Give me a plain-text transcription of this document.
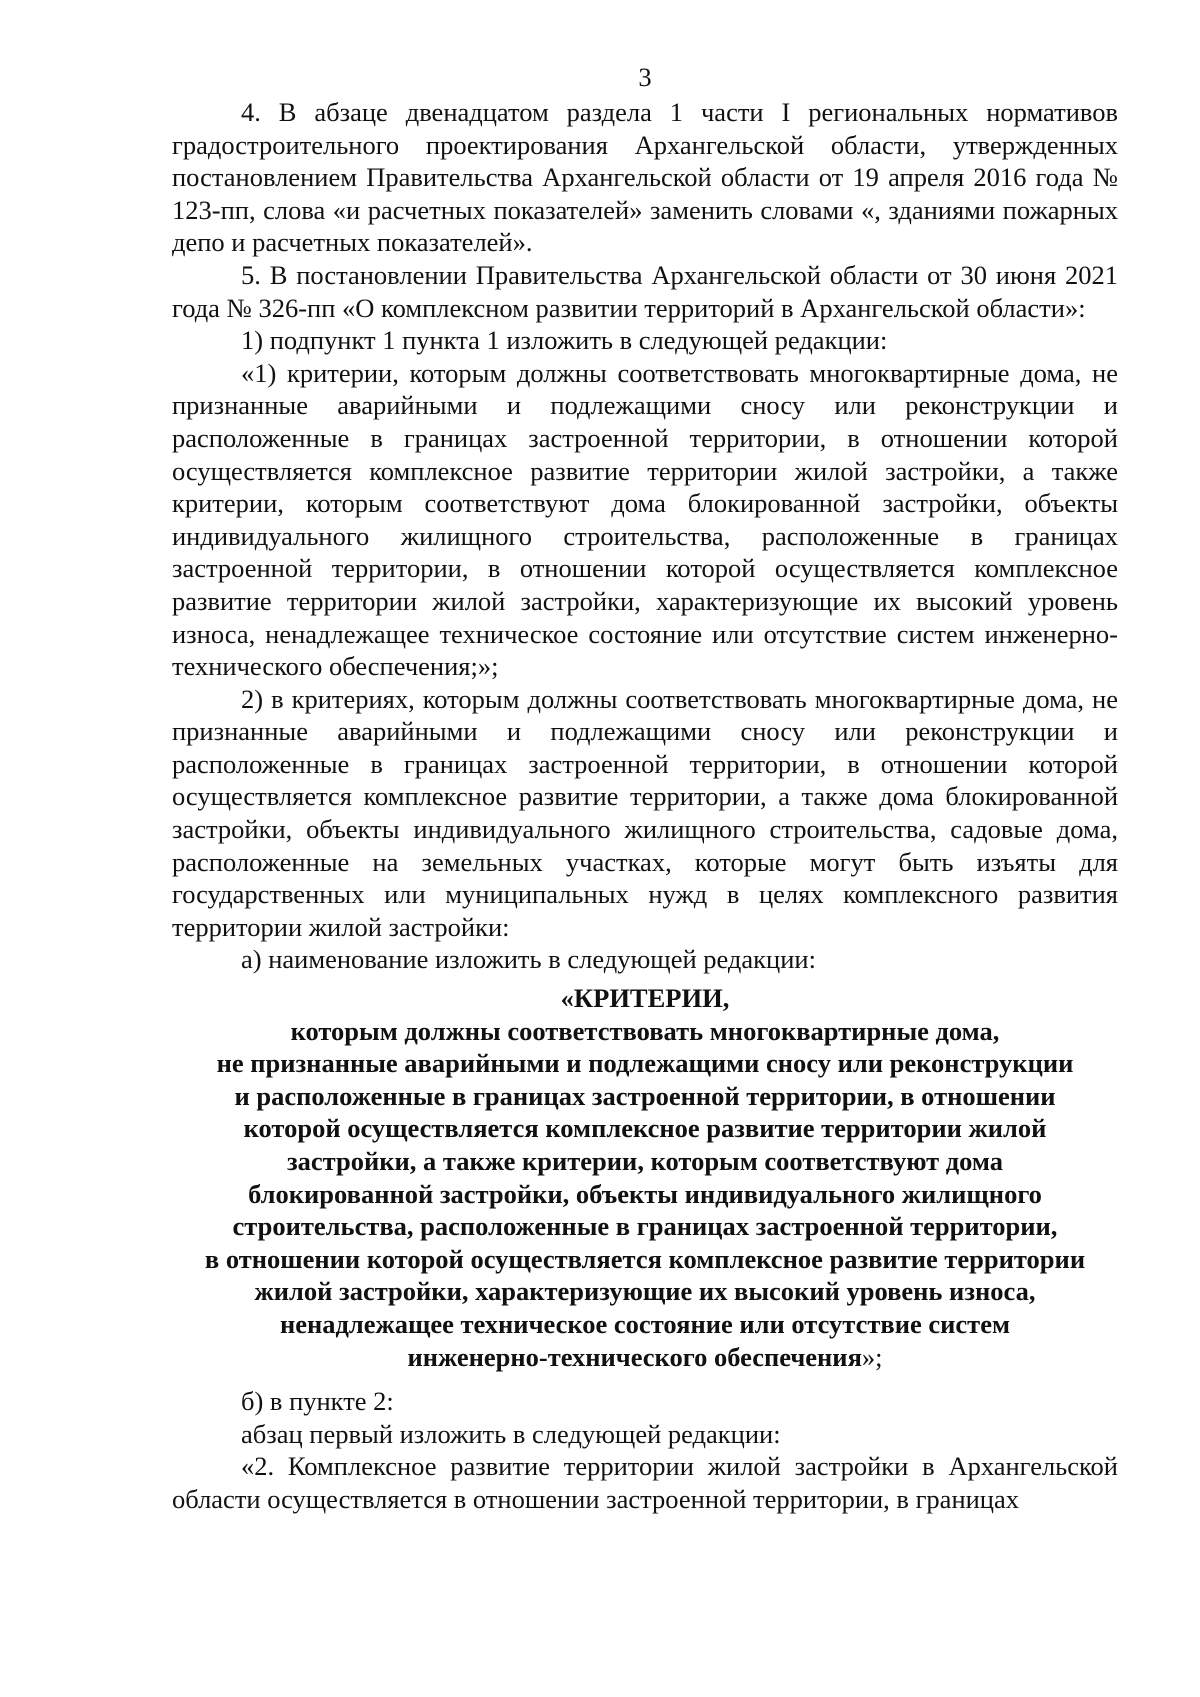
3

4. В абзаце двенадцатом раздела 1 части I региональных нормативов градостроительного проектирования Архангельской области, утвержденных постановлением Правительства Архангельской области от 19 апреля 2016 года № 123-пп, слова «и расчетных показателей» заменить словами «, зданиями пожарных депо и расчетных показателей».

5. В постановлении Правительства Архангельской области от 30 июня 2021 года № 326-пп «О комплексном развитии территорий в Архангельской области»:

1) подпункт 1 пункта 1 изложить в следующей редакции:

«1) критерии, которым должны соответствовать многоквартирные дома, не признанные аварийными и подлежащими сносу или реконструкции и расположенные в границах застроенной территории, в отношении которой осуществляется комплексное развитие территории жилой застройки, а также критерии, которым соответствуют дома блокированной застройки, объекты индивидуального жилищного строительства, расположенные в границах застроенной территории, в отношении которой осуществляется комплексное развитие территории жилой застройки, характеризующие их высокий уровень износа, ненадлежащее техническое состояние или отсутствие систем инженерно-технического обеспечения;»;

2) в критериях, которым должны соответствовать многоквартирные дома, не признанные аварийными и подлежащими сносу или реконструкции и расположенные в границах застроенной территории, в отношении которой осуществляется комплексное развитие территории, а также дома блокированной застройки, объекты индивидуального жилищного строительства, садовые дома, расположенные на земельных участках, которые могут быть изъяты для государственных или муниципальных нужд в целях комплексного развития территории жилой застройки:

а) наименование изложить в следующей редакции:

«КРИТЕРИИ,
которым должны соответствовать многоквартирные дома,
не признанные аварийными и подлежащими сносу или реконструкции
и расположенные в границах застроенной территории, в отношении
которой осуществляется комплексное развитие территории жилой
застройки, а также критерии, которым соответствуют дома
блокированной застройки, объекты индивидуального жилищного
строительства, расположенные в границах застроенной территории,
в отношении которой осуществляется комплексное развитие территории
жилой застройки, характеризующие их высокий уровень износа,
ненадлежащее техническое состояние или отсутствие систем
инженерно-технического обеспечения»;

б) в пункте 2:

абзац первый изложить в следующей редакции:

«2. Комплексное развитие территории жилой застройки в Архангельской области осуществляется в отношении застроенной территории, в границах
